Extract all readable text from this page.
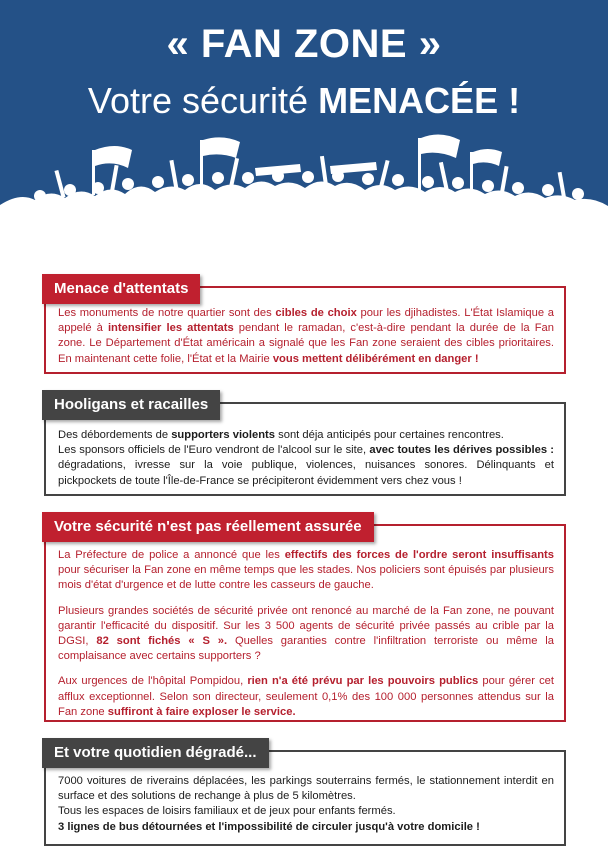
« FAN ZONE »
Votre sécurité MENACÉE !
Menace d'attentats

Les monuments de notre quartier sont des cibles de choix pour les djihadistes. L'État Islamique a appelé à intensifier les attentats pendant le ramadan, c'est-à-dire pendant la durée de la Fan zone. Le Département d'État américain a signalé que les Fan zone seraient des cibles prioritaires. En maintenant cette folie, l'État et la Mairie vous mettent délibérément en danger !

Hooligans et racailles

Des débordements de supporters violents sont déja anticipés pour certaines rencontres.

Les sponsors officiels de l'Euro vendront de l'alcool sur le site, avec toutes les dérives possibles : dégradations, ivresse sur la voie publique, violences, nuisances sonores. Délinquants et pickpockets de toute l'Île-de-France se précipiteront évidemment vers chez vous !

Votre sécurité n'est pas réellement assurée

La Préfecture de police a annoncé que les effectifs des forces de l'ordre seront insuffisants pour sécuriser la Fan zone en même temps que les stades. Nos policiers sont épuisés par plusieurs mois d'état d'urgence et de lutte contre les casseurs de gauche.

Plusieurs grandes sociétés de sécurité privée ont renoncé au marché de la Fan zone, ne pouvant garantir l'efficacité du dispositif. Sur les 3 500 agents de sécurité privée passés au crible par la DGSI, 82 sont fichés « S ». Quelles garanties contre l'infiltration terroriste ou même la complaisance avec certains supporters ?

Aux urgences de l'hôpital Pompidou, rien n'a été prévu par les pouvoirs publics pour gérer cet afflux exceptionnel. Selon son directeur, seulement 0,1% des 100 000 personnes attendus sur la Fan zone suffiront à faire exploser le service.

Et votre quotidien dégradé...

7000 voitures de riverains déplacées, les parkings souterrains fermés, le stationnement interdit en surface et des solutions de rechange à plus de 5 kilomètres.

Tous les espaces de loisirs familiaux et de jeux pour enfants fermés.

3 lignes de bus détournées et l'impossibilité de circuler jusqu'à votre domicile !
